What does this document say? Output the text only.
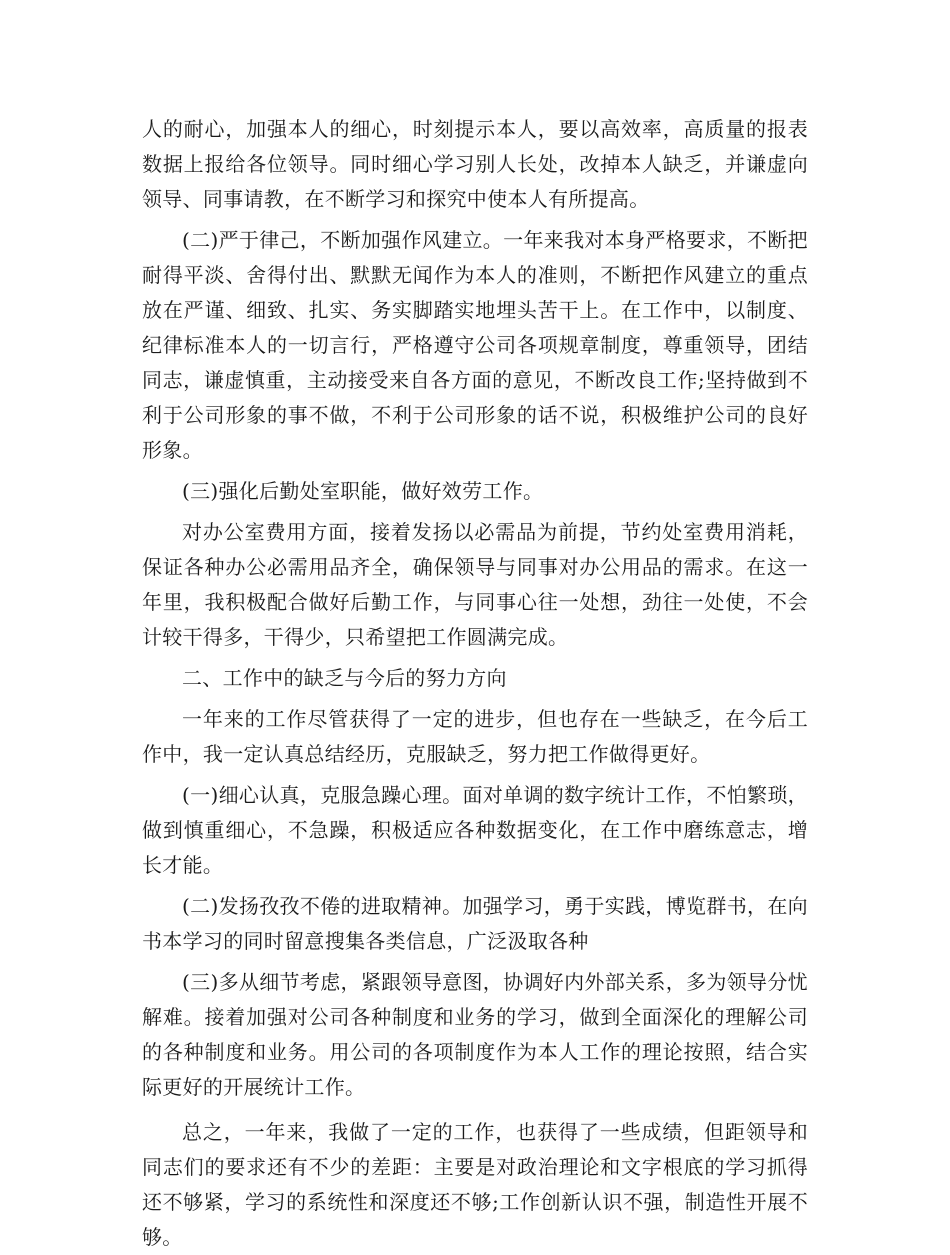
人的耐心，加强本人的细心，时刻提示本人，要以高效率，高质量的报表数据上报给各位领导。同时细心学习别人长处，改掉本人缺乏，并谦虚向领导、同事请教，在不断学习和探究中使本人有所提高。

(二)严于律己，不断加强作风建立。一年来我对本身严格要求，不断把耐得平淡、舍得付出、默默无闻作为本人的准则，不断把作风建立的重点放在严谨、细致、扎实、务实脚踏实地埋头苦干上。在工作中，以制度、纪律标准本人的一切言行，严格遵守公司各项规章制度，尊重领导，团结同志，谦虚慎重，主动接受来自各方面的意见，不断改良工作;坚持做到不利于公司形象的事不做，不利于公司形象的话不说，积极维护公司的良好形象。

(三)强化后勤处室职能，做好效劳工作。

对办公室费用方面，接着发扬以必需品为前提，节约处室费用消耗，保证各种办公必需用品齐全，确保领导与同事对办公用品的需求。在这一年里，我积极配合做好后勤工作，与同事心往一处想，劲往一处使，不会计较干得多，干得少，只希望把工作圆满完成。

二、工作中的缺乏与今后的努力方向

一年来的工作尽管获得了一定的进步，但也存在一些缺乏，在今后工作中，我一定认真总结经历，克服缺乏，努力把工作做得更好。

(一)细心认真，克服急躁心理。面对单调的数字统计工作，不怕繁琐，做到慎重细心，不急躁，积极适应各种数据变化，在工作中磨练意志，增长才能。

(二)发扬孜孜不倦的进取精神。加强学习，勇于实践，博览群书，在向书本学习的同时留意搜集各类信息，广泛汲取各种

(三)多从细节考虑，紧跟领导意图，协调好内外部关系，多为领导分忧解难。接着加强对公司各种制度和业务的学习，做到全面深化的理解公司的各种制度和业务。用公司的各项制度作为本人工作的理论按照，结合实际更好的开展统计工作。

总之，一年来，我做了一定的工作，也获得了一些成绩，但距领导和同志们的要求还有不少的差距：主要是对政治理论和文字根底的学习抓得还不够紧，学习的系统性和深度还不够;工作创新认识不强，制造性开展不够。
